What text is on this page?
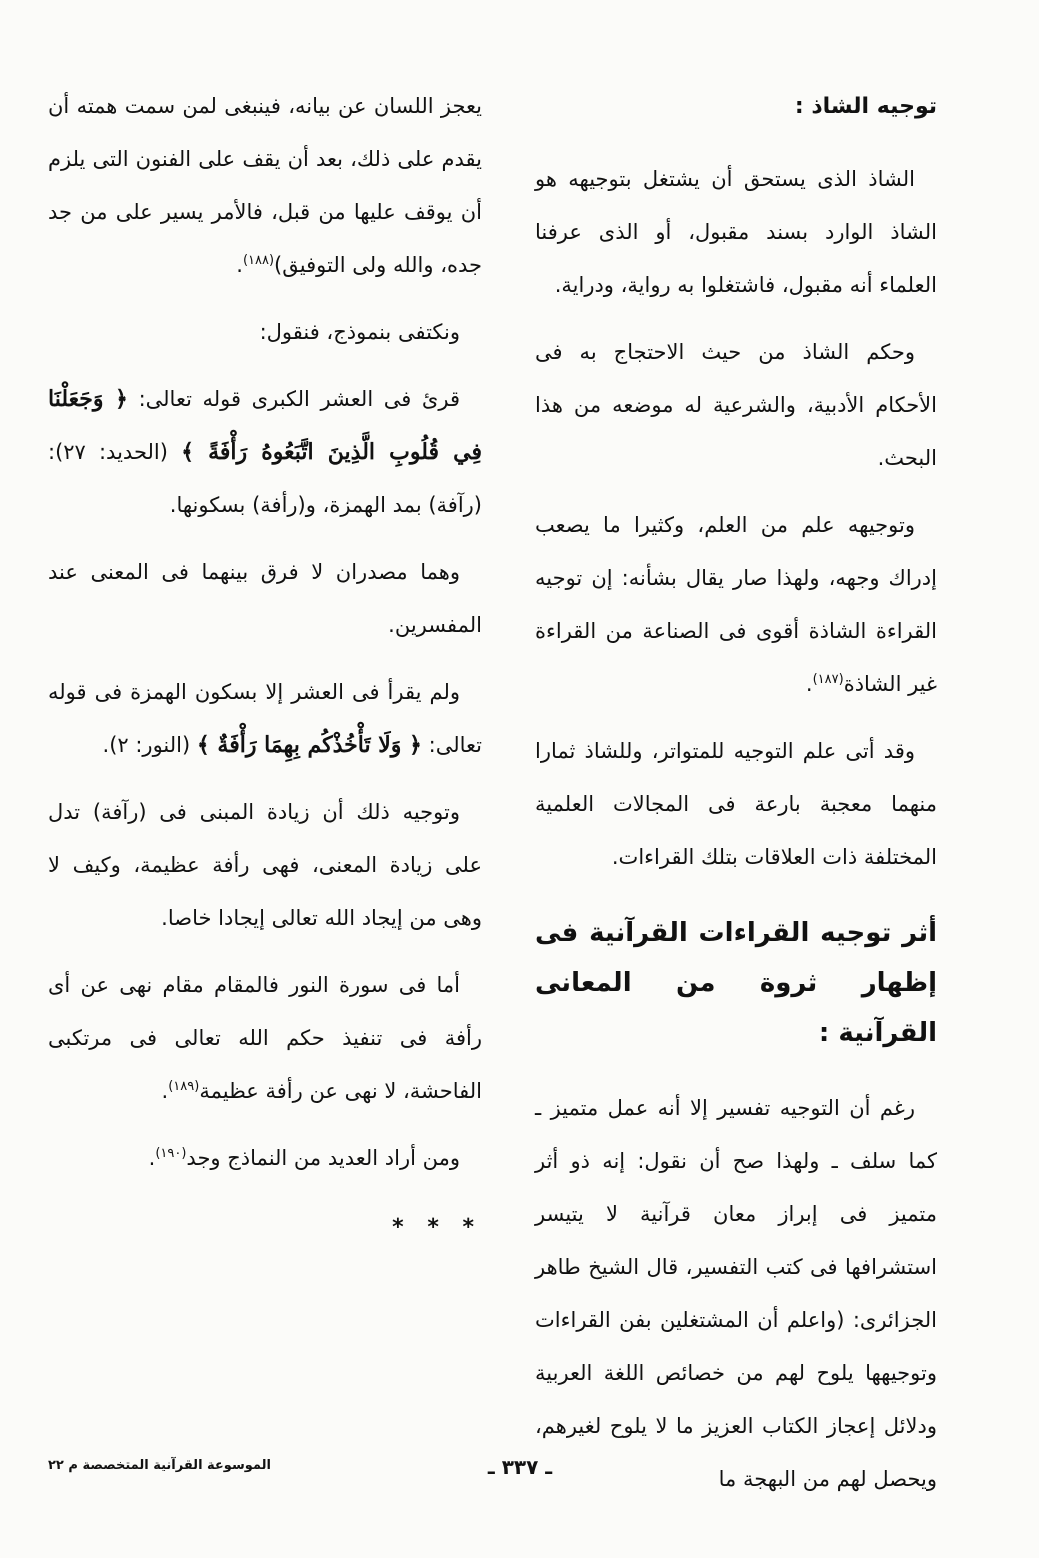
توجيه الشاذ :

الشاذ الذى يستحق أن يشتغل بتوجيهه هو الشاذ الوارد بسند مقبول، أو الذى عرفنا العلماء أنه مقبول، فاشتغلوا به رواية، ودراية.

وحكم الشاذ من حيث الاحتجاج به فى الأحكام الأدبية، والشرعية له موضعه من هذا البحث.

وتوجيهه علم من العلم، وكثيرا ما يصعب إدراك وجهه، ولهذا صار يقال بشأنه: إن توجيه القراءة الشاذة أقوى فى الصناعة من القراءة غير الشاذة$^{(١٨٧)}$.

وقد أتى علم التوجيه للمتواتر، وللشاذ ثمارا منهما معجبة بارعة فى المجالات العلمية المختلفة ذات العلاقات بتلك القراءات.

أثر توجيه القراءات القرآنية فى إظهار ثروة من المعانى القرآنية :

رغم أن التوجيه تفسير إلا أنه عمل متميز ـ كما سلف ـ ولهذا صح أن نقول: إنه ذو أثر متميز فى إبراز معان قرآنية لا يتيسر استشرافها فى كتب التفسير، قال الشيخ طاهر الجزائرى: (واعلم أن المشتغلين بفن القراءات وتوجيهها يلوح لهم من خصائص اللغة العربية ودلائل إعجاز الكتاب العزيز ما لا يلوح لغيرهم، ويحصل لهم من البهجة ما

يعجز اللسان عن بيانه، فينبغى لمن سمت همته أن يقدم على ذلك، بعد أن يقف على الفنون التى يلزم أن يوقف عليها من قبل، فالأمر يسير على من جد جده، والله ولى التوفيق)$^{(١٨٨)}$.

ونكتفى بنموذج، فنقول:

قرئ فى العشر الكبرى قوله تعالى: ﴿ وَجَعَلْنَا فِي قُلُوبِ الَّذِينَ اتَّبَعُوهُ رَأْفَةً ﴾ (الحديد: ٢٧): (رآفة) بمد الهمزة، و(رأفة) بسكونها.

وهما مصدران لا فرق بينهما فى المعنى عند المفسرين.

ولم يقرأ فى العشر إلا بسكون الهمزة فى قوله تعالى: ﴿ وَلَا تَأْخُذْكُم بِهِمَا رَأْفَةٌ ﴾ (النور: ٢).

وتوجيه ذلك أن زيادة المبنى فى (رآفة) تدل على زيادة المعنى، فهى رأفة عظيمة، وكيف لا وهى من إيجاد الله تعالى إيجادا خاصا.

أما فى سورة النور فالمقام مقام نهى عن أى رأفة فى تنفيذ حكم الله تعالى فى مرتكبى الفاحشة، لا نهى عن رأفة عظيمة$^{(١٨٩)}$.

ومن أراد العديد من النماذج وجد$^{(١٩٠)}$.

* * *
ـ ٣٣٧ ـ
الموسوعة القرآنية المتخصصة م ٢٢
